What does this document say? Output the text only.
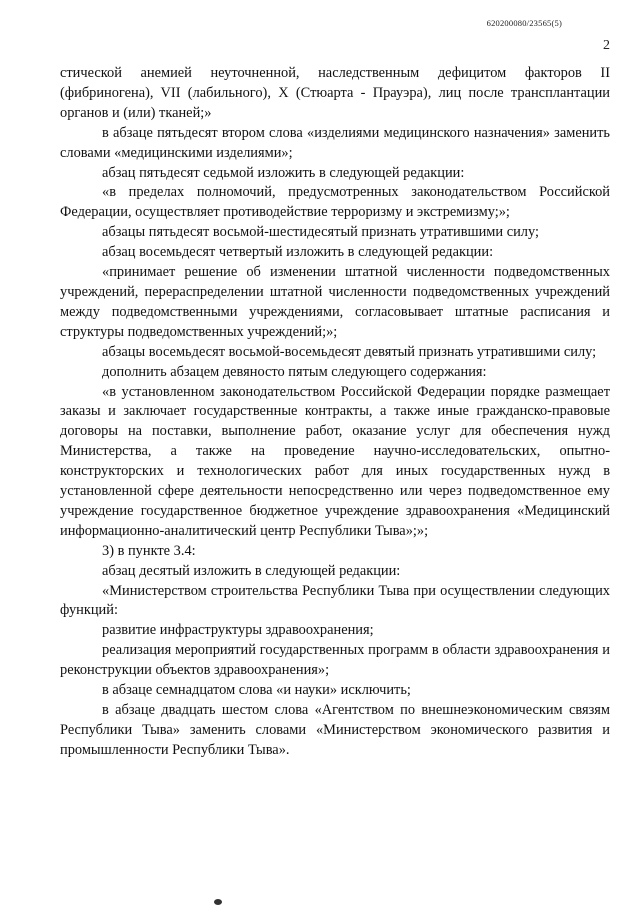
620200080/23565(5)
2

стической анемией неуточненной, наследственным дефицитом факторов II (фибриногена), VII (лабильного), X (Стюарта - Прауэра), лиц после трансплантации органов и (или) тканей;»

в абзаце пятьдесят втором слова «изделиями медицинского назначения» заменить словами «медицинскими изделиями»;

абзац пятьдесят седьмой изложить в следующей редакции:

«в пределах полномочий, предусмотренных законодательством Российской Федерации, осуществляет противодействие терроризму и экстремизму;»;

абзацы пятьдесят восьмой-шестидесятый признать утратившими силу;

абзац восемьдесят четвертый изложить в следующей редакции:

«принимает решение об изменении штатной численности подведомственных учреждений, перераспределении штатной численности подведомственных учреждений между подведомственными учреждениями, согласовывает штатные расписания и структуры подведомственных учреждений;»;

абзацы восемьдесят восьмой-восемьдесят девятый признать утратившими силу;

дополнить абзацем девяносто пятым следующего содержания:

«в установленном законодательством Российской Федерации порядке размещает заказы и заключает государственные контракты, а также иные гражданско-правовые договоры на поставки, выполнение работ, оказание услуг для обеспечения нужд Министерства, а также на проведение научно-исследовательских, опытно-конструкторских и технологических работ для иных государственных нужд в установленной сфере деятельности непосредственно или через подведомственное ему учреждение государственное бюджетное учреждение здравоохранения «Медицинский информационно-аналитический центр Республики Тыва»;»;

3) в пункте 3.4:

абзац десятый изложить в следующей редакции:

«Министерством строительства Республики Тыва при осуществлении следующих функций:

развитие инфраструктуры здравоохранения;

реализация мероприятий государственных программ в области здравоохранения и реконструкции объектов здравоохранения»;

в абзаце семнадцатом слова «и науки» исключить;

в абзаце двадцать шестом слова «Агентством по внешнеэкономическим связям Республики Тыва» заменить словами «Министерством экономического развития и промышленности Республики Тыва».
